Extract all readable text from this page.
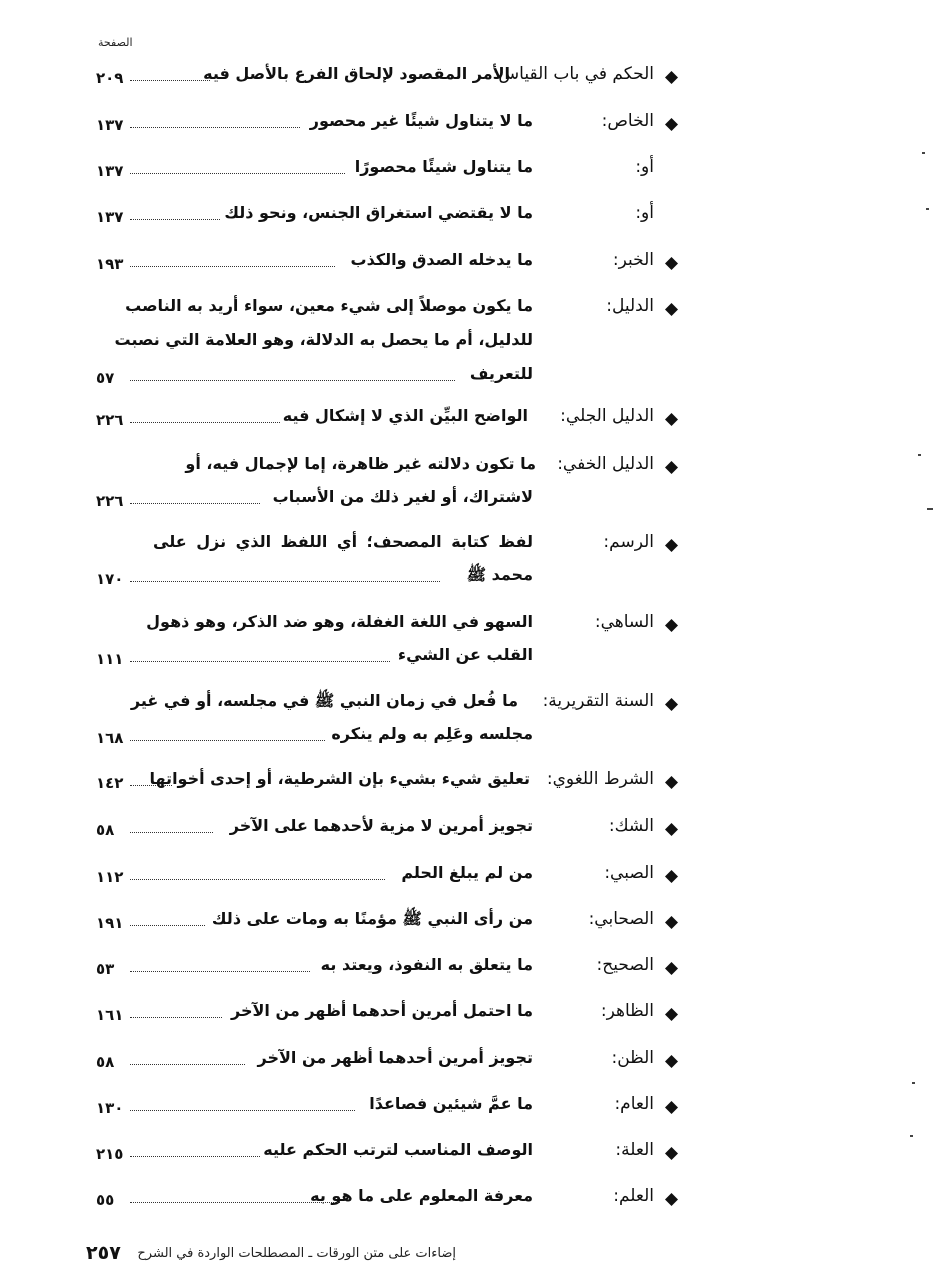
الصفحة
الحكم في باب القياس:
الأمر المقصود لإلحاق الفرع بالأصل فيه
٢٠٩
الخاص:
ما لا يتناول شيئًا غير محصور
١٣٧
أو:
ما يتناول شيئًا محصورًا
١٣٧
أو:
ما لا يقتضي استغراق الجنس، ونحو ذلك
١٣٧
الخبر:
ما يدخله الصدق والكذب
١٩٣
الدليل:
ما يكون موصلاً إلى شيء معين، سواء أريد به الناصب
للدليل، أم ما يحصل به الدلالة، وهو العلامة التي نصبت
للتعريف
٥٧
الدليل الجلي:
الواضح البيِّن الذي لا إشكال فيه
٢٢٦
الدليل الخفي:
ما تكون دلالته غير ظاهرة، إما لإجمال فيه، أو
لاشتراك، أو لغير ذلك من الأسباب
٢٢٦
الرسم:
لفظ كتابة المصحف؛ أي اللفظ الذي نزل على
محمد ﷺ
١٧٠
الساهي:
السهو في اللغة الغفلة، وهو ضد الذكر، وهو ذهول
القلب عن الشيء
١١١
السنة التقريرية:
ما فُعل في زمان النبي ﷺ في مجلسه، أو في غير
مجلسه وعَلِم به ولم ينكره
١٦٨
الشرط اللغوي:
تعليق شيء بشيء بإن الشرطية، أو إحدى أخواتها
١٤٢
الشك:
تجويز أمرين لا مزية لأحدهما على الآخر
٥٨
الصبي:
من لم يبلغ الحلم
١١٢
الصحابي:
من رأى النبي ﷺ مؤمنًا به ومات على ذلك
١٩١
الصحيح:
ما يتعلق به النفوذ، ويعتد به
٥٣
الظاهر:
ما احتمل أمرين أحدهما أظهر من الآخر
١٦١
الظن:
تجويز أمرين أحدهما أظهر من الآخر
٥٨
العام:
ما عمَّ شيئين فصاعدًا
١٣٠
العلة:
الوصف المناسب لترتب الحكم عليه
٢١٥
العلم:
معرفة المعلوم على ما هو به
٥٥
٢٥٧ إضاءات على متن الورقات ـ المصطلحات الواردة في الشرح
